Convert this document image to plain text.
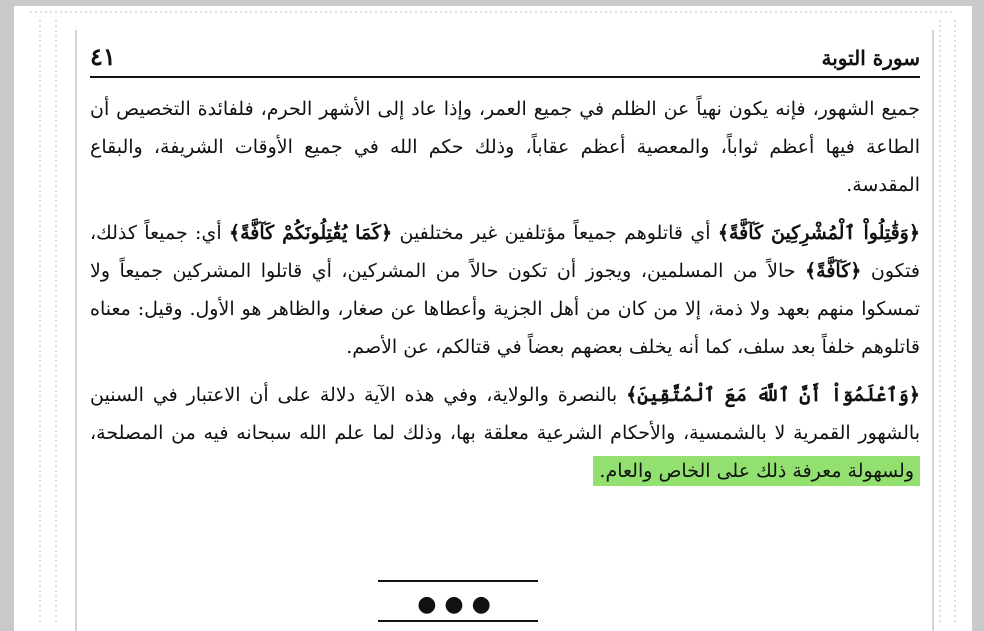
سورة التوبة
٤١

جميع الشهور، فإنه يكون نهياً عن الظلم في جميع العمر، وإذا عاد إلى الأشهر الحرم، فلفائدة التخصيص أن الطاعة فيها أعظم ثواباً، والمعصية أعظم عقاباً، وذلك حكم الله في جميع الأوقات الشريفة، والبقاع المقدسة.

﴿وَقَٰتِلُواْ ٱلْمُشْرِكِينَ كَآفَّةً﴾ أي قاتلوهم جميعاً مؤتلفين غير مختلفين ﴿كَمَا يُقَٰتِلُونَكُمْ كَآفَّةً﴾ أي: جميعاً كذلك، فتكون ﴿كَآفَّةً﴾ حالاً من المسلمين، ويجوز أن تكون حالاً من المشركين، أي قاتلوا المشركين جميعاً ولا تمسكوا منهم بعهد ولا ذمة، إلا من كان من أهل الجزية وأعطاها عن صغار، والظاهر هو الأول. وقيل: معناه قاتلوهم خلفاً بعد سلف، كما أنه يخلف بعضهم بعضاً في قتالكم، عن الأصم.

﴿وَٱعْلَمُوٓاْ أَنَّ ٱللَّهَ مَعَ ٱلْمُتَّقِينَ﴾ بالنصرة والولاية، وفي هذه الآية دلالة على أن الاعتبار في السنين بالشهور القمرية لا بالشمسية، والأحكام الشرعية معلقة بها، وذلك لما علم الله سبحانه فيه من المصلحة، ولسهولة معرفة ذلك على الخاص والعام.

●●●
